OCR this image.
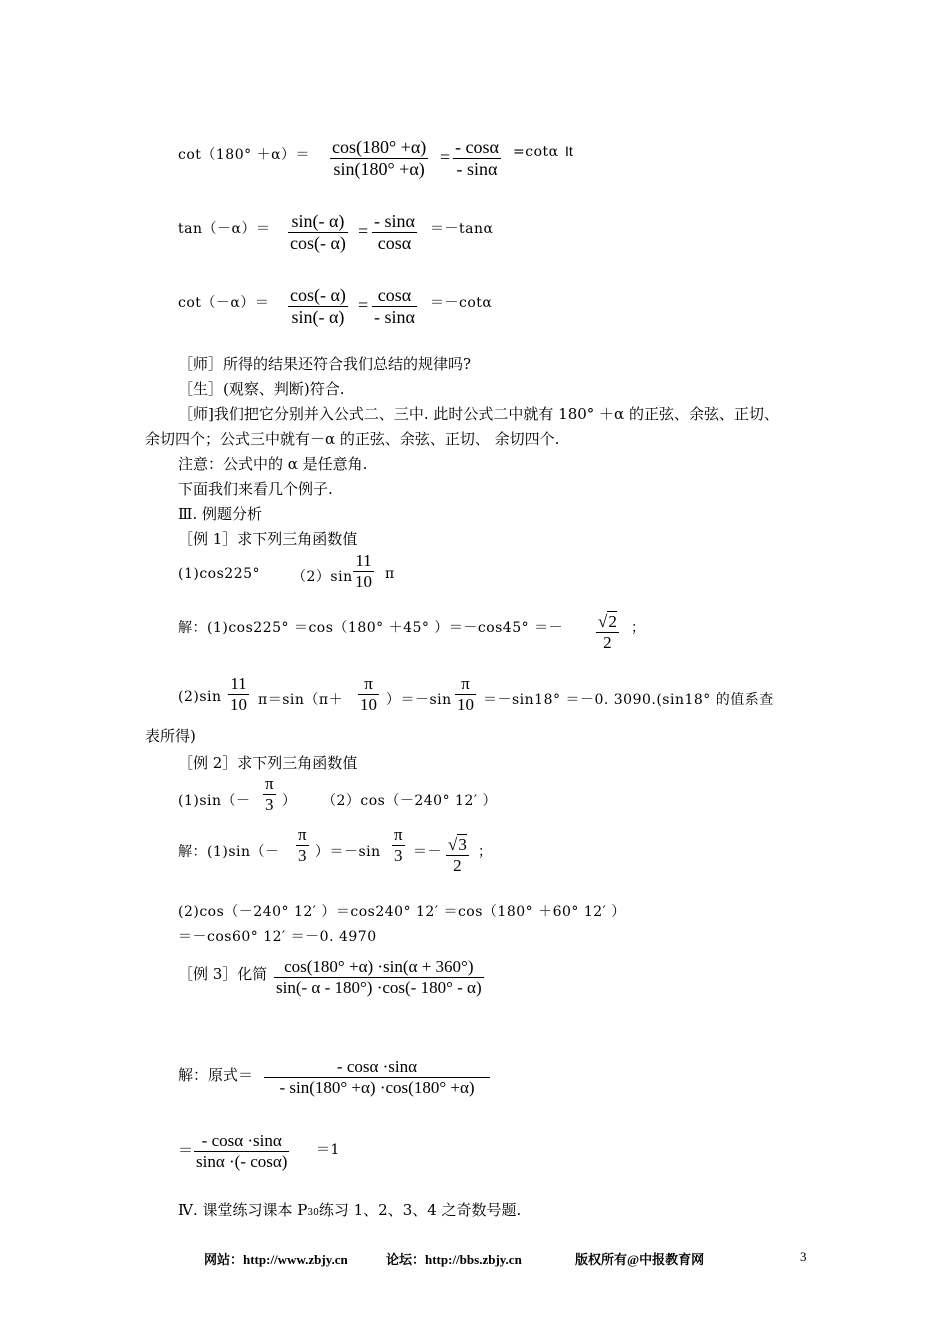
cot（180° ＋α）＝ cos(180° +α)
sin(180° +α)
= - cosα
- sinα
=cotα It
tan（－α）＝ sin(- α)
cos(- α)
= - sinα
cosα
＝－tanα
cot（－α）＝ cos(- α)
sin(- α)
= cosα
- sinα
＝－cotα
［师］所得的结果还符合我们总结的规律吗?
［生］(观察、判断)符合.
［师]我们把它分别并入公式二、三中. 此时公式二中就有 180° ＋α 的正弦、余弦、正切、
余切四个；公式三中就有－α 的正弦、余弦、正切、 余切四个.
注意：公式中的 α 是任意角.
下面我们来看几个例子.
Ⅲ. 例题分析
［例 1］求下列三角函数值
(1)cos225° （2）sin
11
10 π
解：(1)cos225° ＝cos（180° ＋45° ）＝－cos45° ＝－ √2
2
；
(2)sin
11
10 π＝sin（π＋
π
10 ）＝－sin
π
10 ＝－sin18° ＝－0. 3090.(sin18° 的值系查
表所得)
［例 2］求下列三角函数值
(1)sin（－
π
3 ） （2）cos（－240° 12′ ）
解：(1)sin（－
π
3 ）＝－sin
π
3 ＝－ √3
2
；
(2)cos（－240° 12′ ）＝cos240° 12′ ＝cos（180° ＋60° 12′ ）
＝－cos60° 12′ ＝－0. 4970
［例 3］化简 cos(180° +α) ·sin(α + 360°)
sin(- α - 180°) ·cos(- 180° - α)
解：原式＝	- cosα ·sinα
- sin(180° +α) ·cos(180° +α)
＝ - cosα ·sinα
sinα ·(- cosα)
＝1
Ⅳ. 课堂练习课本 P30练习 1、2、3、4 之奇数号题.
网站：http://www.zbjy.cn	论坛：http://bbs.zbjy.cn	版权所有@中报教育网	3
